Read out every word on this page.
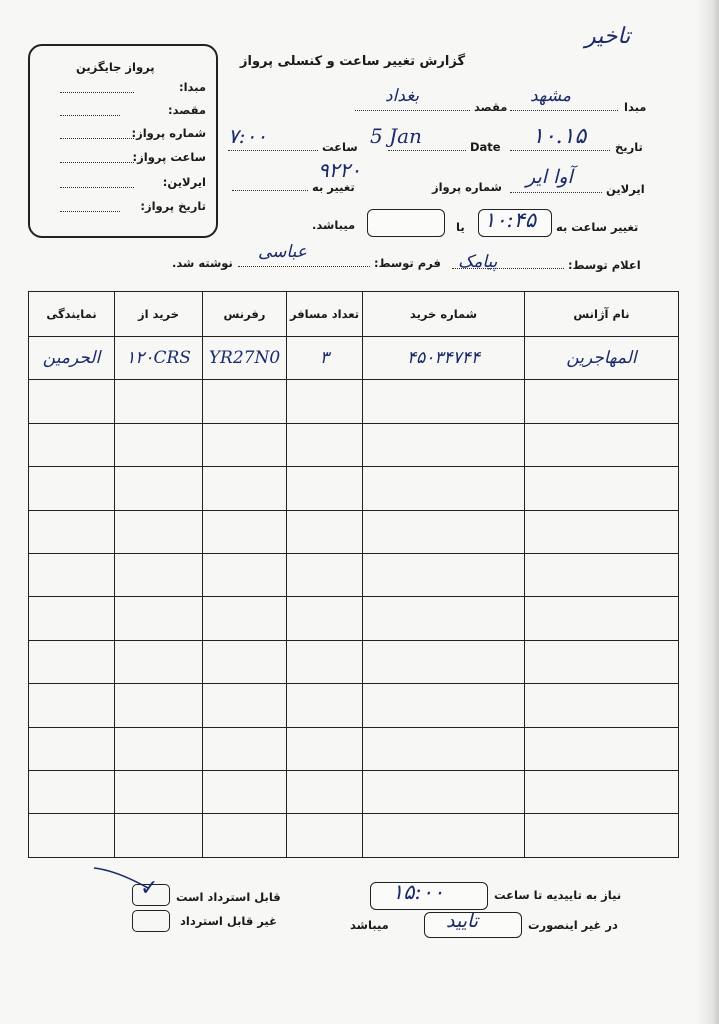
تاخیر
گزارش تغییر ساعت و کنسلی پرواز
پرواز جایگزین
مبدا:
مقصد:
شماره پرواز:
ساعت پرواز:
ایرلاین:
تاریخ پرواز:
مبدا
مشهد
مقصد
بغداد
تاریخ
۱۰.۱۵
Date
5 Jan
ساعت
۷:۰۰
ایرلاین
آوا ایر
شماره پرواز
۹۲۲۰
تغییر به
تغییر ساعت به
۱۰:۴۵
یا
میباشد.
اعلام توسط:
پیامک
فرم توسط:
عباسی
نوشته شد.
نام آژانس	شماره خرید	تعداد مسافر	رفرنس	خرید از	نمایندگی
المهاجرین	۴۵۰۳۴۷۴۴	۳	YR27N0	۱۲۰CRS	الحرمین

نیاز به تاییدیه تا ساعت
۱۵:۰۰
در غیر اینصورت
تایید
میباشد
قابل استرداد است
✓
غیر قابل استرداد
